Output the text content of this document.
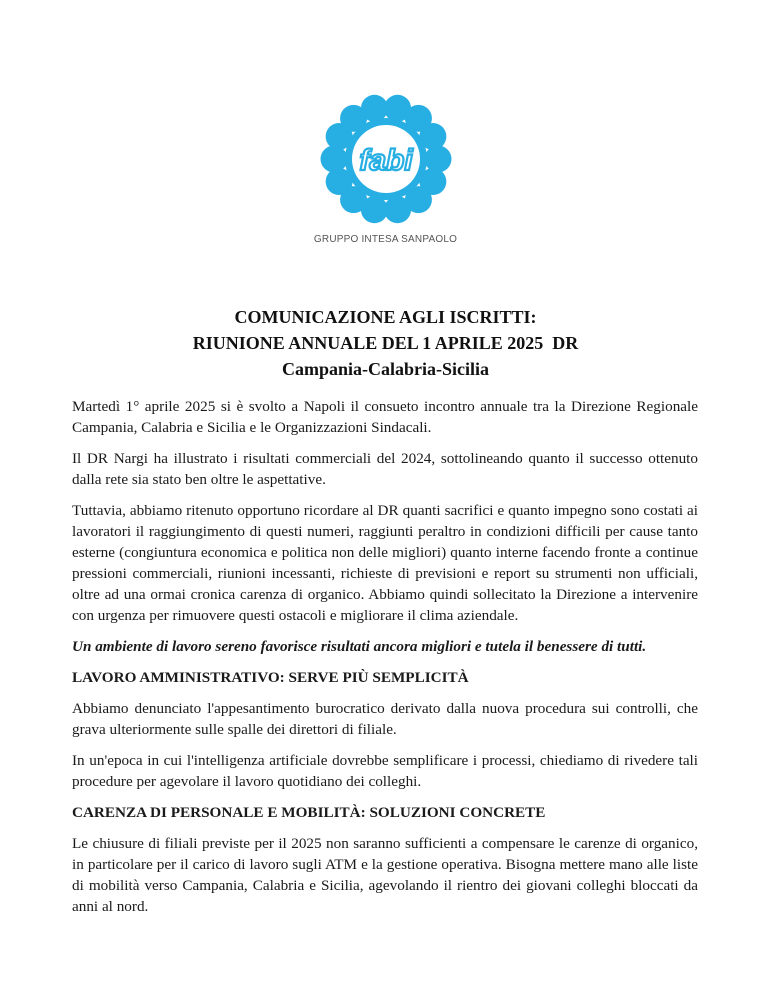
fabi
GRUPPO INTESA SANPAOLO
COMUNICAZIONE AGLI ISCRITTI:
RIUNIONE ANNUALE DEL 1 APRILE 2025  DR
Campania-Calabria-Sicilia

Martedì 1° aprile 2025 si è svolto a Napoli il consueto incontro annuale tra la Direzione Regionale Campania, Calabria e Sicilia e le Organizzazioni Sindacali.

Il DR Nargi ha illustrato i risultati commerciali del 2024, sottolineando quanto il successo ottenuto dalla rete sia stato ben oltre le aspettative.

Tuttavia, abbiamo ritenuto opportuno ricordare al DR quanti sacrifici e quanto impegno sono costati ai lavoratori il raggiungimento di questi numeri, raggiunti peraltro in condizioni difficili per cause tanto esterne (congiuntura economica e politica non delle migliori) quanto interne facendo fronte a continue pressioni commerciali, riunioni incessanti, richieste di previsioni e report su strumenti non ufficiali, oltre ad una ormai cronica carenza di organico. Abbiamo quindi sollecitato la Direzione a intervenire con urgenza per rimuovere questi ostacoli e migliorare il clima aziendale.

Un ambiente di lavoro sereno favorisce risultati ancora migliori e tutela il benessere di tutti.

LAVORO AMMINISTRATIVO: SERVE PIÙ SEMPLICITÀ

Abbiamo denunciato l'appesantimento burocratico derivato dalla nuova procedura sui controlli, che grava ulteriormente sulle spalle dei direttori di filiale.

In un'epoca in cui l'intelligenza artificiale dovrebbe semplificare i processi, chiediamo di rivedere tali procedure per agevolare il lavoro quotidiano dei colleghi.

CARENZA DI PERSONALE E MOBILITÀ: SOLUZIONI CONCRETE

Le chiusure di filiali previste per il 2025 non saranno sufficienti a compensare le carenze di organico, in particolare per il carico di lavoro sugli ATM e la gestione operativa. Bisogna mettere mano alle liste di mobilità verso Campania, Calabria e Sicilia, agevolando il rientro dei giovani colleghi bloccati da anni al nord.
